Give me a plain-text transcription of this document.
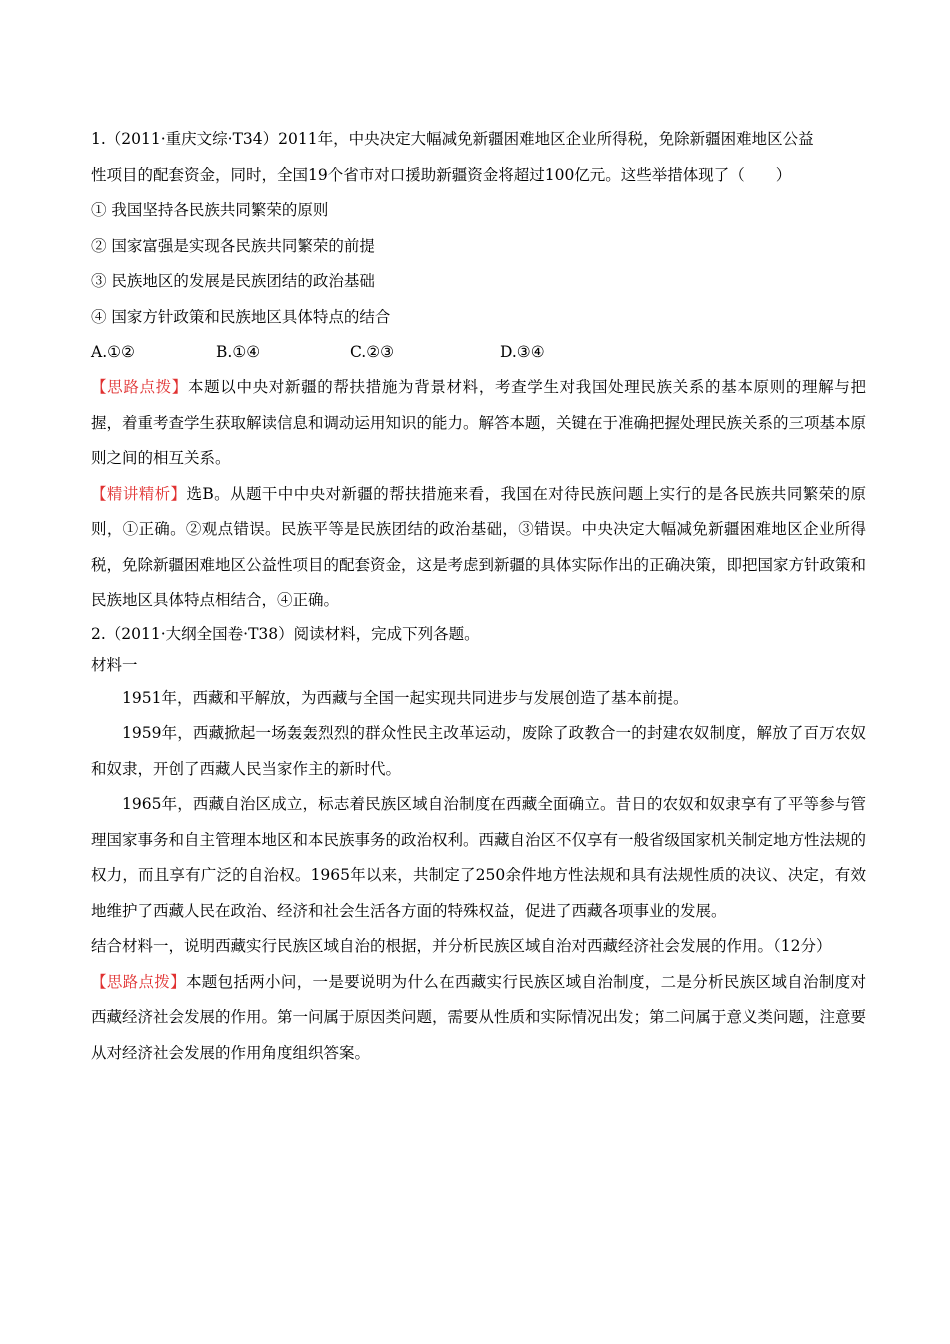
1.（2011·重庆文综·T34）2011年，中央决定大幅减免新疆困难地区企业所得税，免除新疆困难地区公益

性项目的配套资金，同时，全国19个省市对口援助新疆资金将超过100亿元。这些举措体现了（　　）

① 我国坚持各民族共同繁荣的原则

② 国家富强是实现各民族共同繁荣的前提

③ 民族地区的发展是民族团结的政治基础

④ 国家方针政策和民族地区具体特点的结合

A.①②	B.①④	C.②③	D.③④

【思路点拨】本题以中央对新疆的帮扶措施为背景材料，考查学生对我国处理民族关系的基本原则的理解与把握，着重考查学生获取解读信息和调动运用知识的能力。解答本题，关键在于准确把握处理民族关系的三项基本原则之间的相互关系。

【精讲精析】选B。从题干中中央对新疆的帮扶措施来看，我国在对待民族问题上实行的是各民族共同繁荣的原则，①正确。②观点错误。民族平等是民族团结的政治基础，③错误。中央决定大幅减免新疆困难地区企业所得税，免除新疆困难地区公益性项目的配套资金，这是考虑到新疆的具体实际作出的正确决策，即把国家方针政策和民族地区具体特点相结合，④正确。

2.（2011·大纲全国卷·T38）阅读材料，完成下列各题。

材料一

1951年，西藏和平解放，为西藏与全国一起实现共同进步与发展创造了基本前提。

1959年，西藏掀起一场轰轰烈烈的群众性民主改革运动，废除了政教合一的封建农奴制度，解放了百万农奴和奴隶，开创了西藏人民当家作主的新时代。

1965年，西藏自治区成立，标志着民族区域自治制度在西藏全面确立。昔日的农奴和奴隶享有了平等参与管理国家事务和自主管理本地区和本民族事务的政治权利。西藏自治区不仅享有一般省级国家机关制定地方性法规的权力，而且享有广泛的自治权。1965年以来，共制定了250余件地方性法规和具有法规性质的决议、决定，有效地维护了西藏人民在政治、经济和社会生活各方面的特殊权益，促进了西藏各项事业的发展。

结合材料一，说明西藏实行民族区域自治的根据，并分析民族区域自治对西藏经济社会发展的作用。（12分）

【思路点拨】本题包括两小问，一是要说明为什么在西藏实行民族区域自治制度，二是分析民族区域自治制度对西藏经济社会发展的作用。第一问属于原因类问题，需要从性质和实际情况出发；第二问属于意义类问题，注意要从对经济社会发展的作用角度组织答案。
